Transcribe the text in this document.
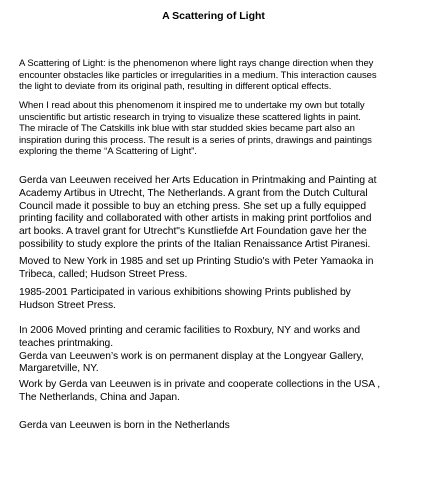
A Scattering of Light

A Scattering of Light: is the phenomenon where light rays change direction when they
encounter obstacles like particles or irregularities in a medium. This interaction causes
the light to deviate from its original path, resulting in different optical effects.

When I read about this phenomenom it inspired me to undertake my own but totally
unscientific but artistic research in trying to visualize these scattered lights in paint.
The miracle of The Catskills ink blue with star studded skies became part also an
inspiration during this process. The result is a series of prints, drawings and paintings
exploring the theme “A Scattering of Light”.

Gerda van Leeuwen received her Arts Education in Printmaking and Painting at
Academy Artibus in Utrecht, The Netherlands. A grant from the Dutch Cultural
Council made it possible to buy an etching press. She set up a fully equipped
printing facility and collaborated with other artists in making print portfolios and
art books. A travel grant for Utrecht"s Kunstliefde Art Foundation gave her the
possibility to study explore the prints of the Italian Renaissance Artist Piranesi.

Moved to New York in 1985 and set up Printing Studio's with Peter Yamaoka in
Tribeca, called; Hudson Street Press.

1985-2001 Participated in various exhibitions showing Prints published by
Hudson Street Press.

In 2006 Moved printing and ceramic facilities to Roxbury, NY and works and
teaches printmaking.
Gerda van Leeuwen’s work is on permanent display at the Longyear Gallery,
Margaretville, NY.

Work by Gerda van Leeuwen is in private and cooperate collections in the USA ,
The Netherlands, China and Japan.

Gerda van Leeuwen is born in the Netherlands
